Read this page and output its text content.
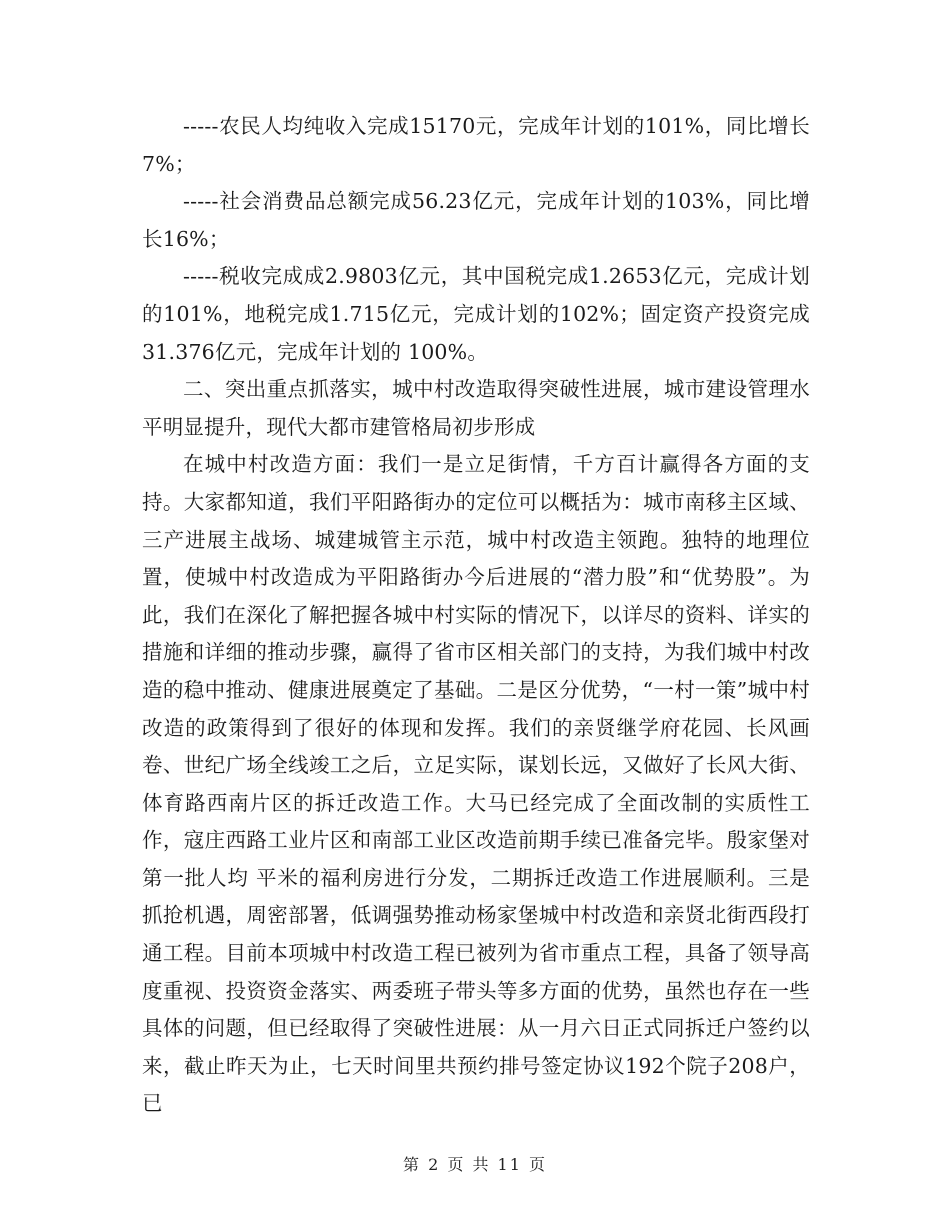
-----农民人均纯收入完成15170元，完成年计划的101%，同比增长7%；

-----社会消费品总额完成56.23亿元，完成年计划的103%，同比增长16%；

-----税收完成成2.9803亿元，其中国税完成1.2653亿元，完成计划的101%，地税完成1.715亿元，完成计划的102%；固定资产投资完成 31.376亿元，完成年计划的 100%。

二、突出重点抓落实，城中村改造取得突破性进展，城市建设管理水平明显提升，现代大都市建管格局初步形成

在城中村改造方面：我们一是立足街情，千方百计赢得各方面的支持。大家都知道，我们平阳路街办的定位可以概括为：城市南移主区域、三产进展主战场、城建城管主示范，城中村改造主领跑。独特的地理位置，使城中村改造成为平阳路街办今后进展的“潜力股”和“优势股”。为此，我们在深化了解把握各城中村实际的情况下，以详尽的资料、详实的措施和详细的推动步骤，赢得了省市区相关部门的支持，为我们城中村改造的稳中推动、健康进展奠定了基础。二是区分优势，“一村一策”城中村改造的政策得到了很好的体现和发挥。我们的亲贤继学府花园、长风画卷、世纪广场全线竣工之后，立足实际，谋划长远，又做好了长风大街、体育路西南片区的拆迁改造工作。大马已经完成了全面改制的实质性工作，寇庄西路工业片区和南部工业区改造前期手续已准备完毕。殷家堡对第一批人均 平米的福利房进行分发，二期拆迁改造工作进展顺利。三是抓抢机遇，周密部署，低调强势推动杨家堡城中村改造和亲贤北街西段打通工程。目前本项城中村改造工程已被列为省市重点工程，具备了领导高度重视、投资资金落实、两委班子带头等多方面的优势，虽然也存在一些具体的问题，但已经取得了突破性进展：从一月六日正式同拆迁户签约以来，截止昨天为止，七天时间里共预约排号签定协议192个院子208户，已

第 2 页 共 11 页
